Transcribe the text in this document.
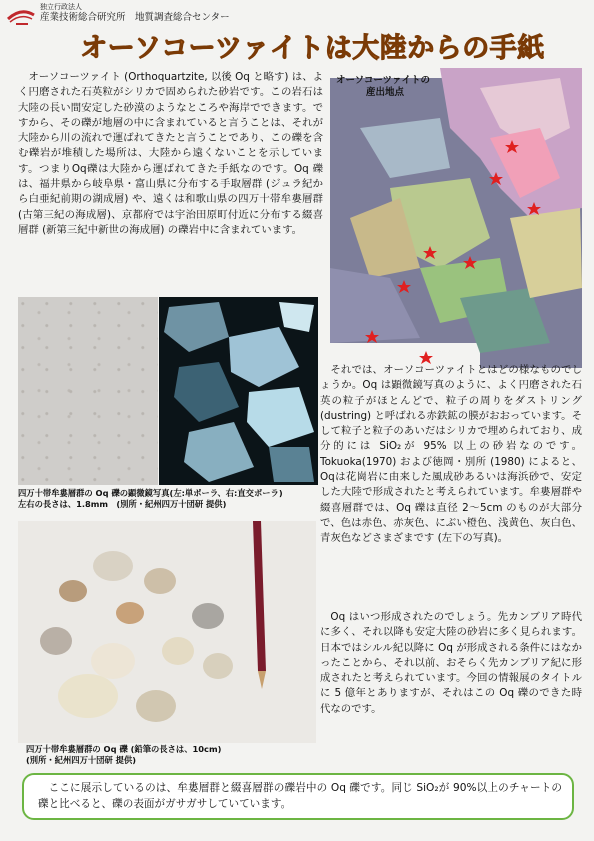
独立行政法人
産業技術総合研究所　地質調査総合センター
オーソコーツァイトは大陸からの手紙
オーソコーツァイト (Orthoquartzite, 以後 Oq と略す) は、よく円磨された石英粒がシリカで固められた砂岩です。この岩石は大陸の長い間安定した砂漠のようなところや海岸でできます。ですから、その礫が地層の中に含まれていると言うことは、それが大陸から川の流れで運ばれてきたと言うことであり、この礫を含む礫岩が堆積した場所は、大陸から遠くないことを示しています。つまりOq礫は大陸から運ばれてきた手紙なのです。Oq 礫は、福井県から岐阜県・富山県に分布する手取層群 (ジュラ紀から白亜紀前期の湖成層) や、遠くは和歌山県の四万十帯牟婁層群 (古第三紀の海成層)、京都府では宇治田原町付近に分布する綴喜層群 (新第三紀中新世の海成層) の礫岩中に含まれています。
オーソコーツァイトの
産出地点
四万十帯牟婁層群の Oq 礫の顕微鏡写真(左:単ポーラ、右:直交ポーラ)
左右の長さは、1.8mm　(別所・紀州四万十団研 提供)
それでは、オーソコーツァイトとはどの様なものでしょうか。Oq は顕微鏡写真のように、よく円磨された石英の粒子がほとんどで、粒子の周りをダストリング (dustring) と呼ばれる赤鉄鉱の膜がおおっています。そして粒子と粒子のあいだはシリカで埋められており、成分的には SiO₂が 95% 以上の砂岩なのです。Tokuoka(1970) および徳岡・別所 (1980) によると、Oqは花崗岩に由来した風成砂あるいは海浜砂で、安定した大陸で形成されたと考えられています。牟婁層群や綴喜層群では、Oq 礫は直径 2〜5cm のものが大部分で、色は赤色、赤灰色、にぶい橙色、浅黄色、灰白色、青灰色などさまざまです (左下の写真)。
Oq はいつ形成されたのでしょう。先カンブリア時代に多く、それ以降も安定大陸の砂岩に多く見られます。日本ではシルル紀以降に Oq が形成される条件にはなかったことから、それ以前、おそらく先カンブリア紀に形成されたと考えられています。今回の情報展のタイトルに 5 億年とありますが、それはこの Oq 礫のできた時代なのです。
四万十帯牟婁層群の Oq 礫 (鉛筆の長さは、10cm)
(別所・紀州四万十団研 提供)
ここに展示しているのは、牟婁層群と綴喜層群の礫岩中の Oq 礫です。同じ SiO₂が 90%以上のチャートの礫と比べると、礫の表面がガサガサしていています。
